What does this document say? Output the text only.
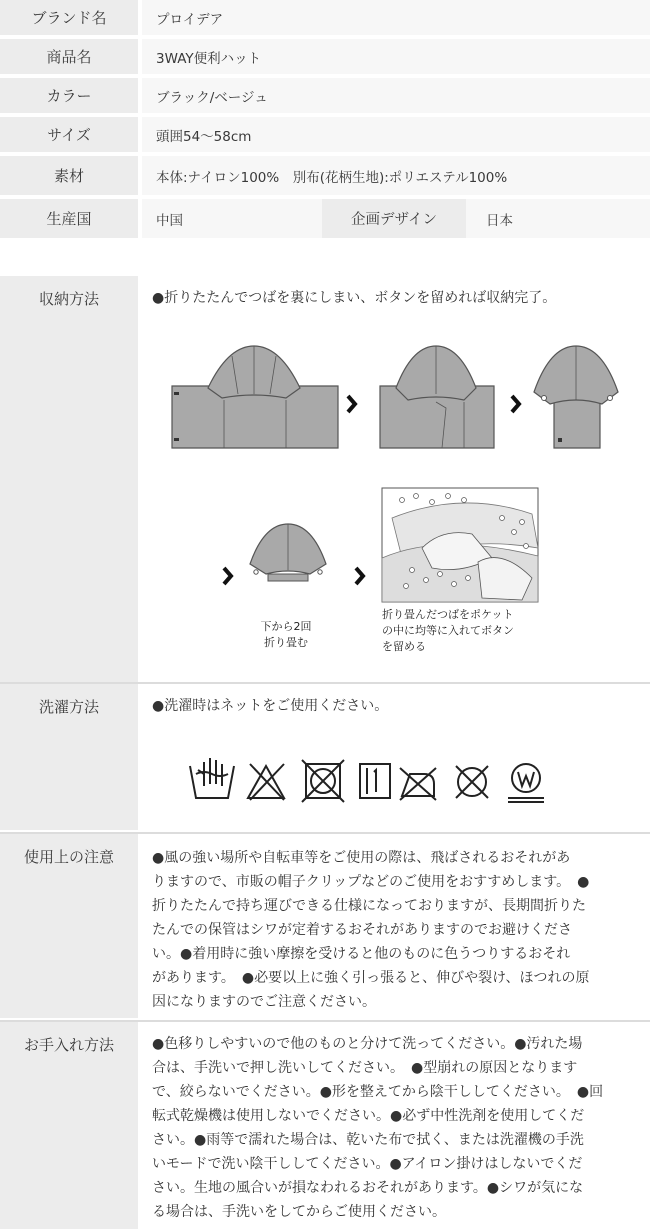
ブランド名	プロイデア
商品名	3WAY便利ハット
カラー	ブラック/ベージュ
サイズ	頭囲54〜58cm
素材	本体:ナイロン100%　別布(花柄生地):ポリエステル100%
生産国	中国	企画デザイン	日本
収納方法	●折りたたんでつばを裏にしまい、ボタンを留めれば収納完了。
下から2回
折り畳む
折り畳んだつばをポケット
の中に均等に入れてボタン
を留める
洗濯方法	●洗濯時はネットをご使用ください。
使用上の注意	●風の強い場所や自転車等をご使用の際は、飛ばされるおそれがあ
りますので、市販の帽子クリップなどのご使用をおすすめします。　●
折りたたんで持ち運びできる仕様になっておりますが、長期間折りた
たんでの保管はシワが定着するおそれがありますのでお避けくださ
い。●着用時に強い摩擦を受けると他のものに色うつりするおそれ
があります。　●必要以上に強く引っ張ると、伸びや裂け、ほつれの原
因になりますのでご注意ください。
お手入れ方法	●色移りしやすいので他のものと分けて洗ってください。●汚れた場
合は、手洗いで押し洗いしてください。　●型崩れの原因となります
で、絞らないでください。●形を整えてから陰干ししてください。　●回
転式乾燥機は使用しないでください。●必ず中性洗剤を使用してくだ
さい。●雨等で濡れた場合は、乾いた布で拭く、または洗濯機の手洗
いモードで洗い陰干ししてください。●アイロン掛けはしないでくだ
さい。生地の風合いが損なわれるおそれがあります。●シワが気にな
る場合は、手洗いをしてからご使用ください。
